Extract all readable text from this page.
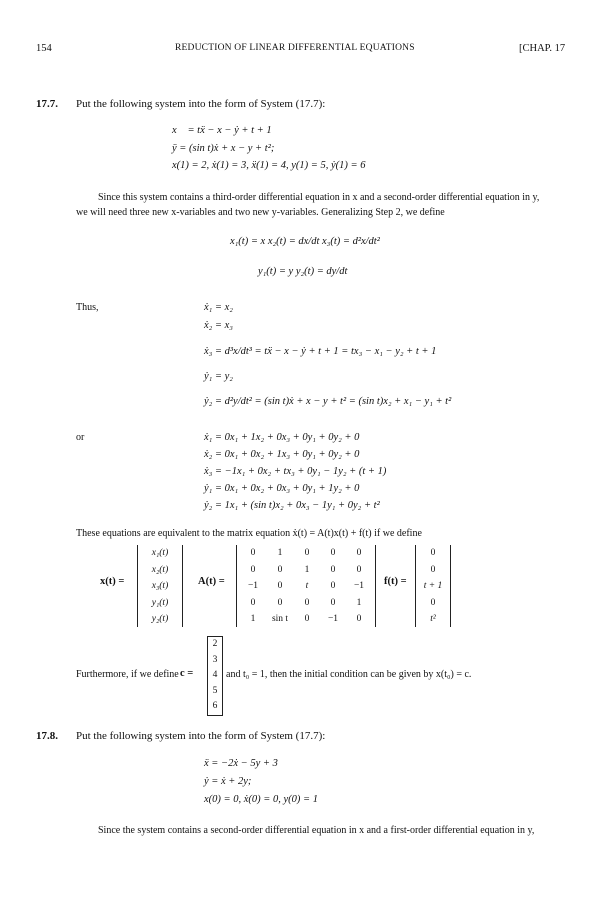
154	REDUCTION OF LINEAR DIFFERENTIAL EQUATIONS	[CHAP. 17
17.7. Put the following system into the form of System (17.7):
x⃛ = tẍ − x − ẏ + t + 1
ÿ = (sin t)ẋ + x − y + t²;
x(1) = 2, ẋ(1) = 3, ẍ(1) = 4, y(1) = 5, ẏ(1) = 6
Since this system contains a third-order differential equation in x and a second-order differential equation in y,
we will need three new x-variables and two new y-variables. Generalizing Step 2, we define
x₁(t) = x x₂(t) = dx/dt x₃(t) = d²x/dt²
y₁(t) = y y₂(t) = dy/dt
Thus,	ẋ₁ = x₂
ẋ₂ = x₃
ẋ₃ = d³x/dt³ = tẍ − x − ẏ + t + 1 = tx₃ − x₁ − y₂ + t + 1
ẏ₁ = y₂
ẏ₂ = d²y/dt² = (sin t)ẋ + x − y + t² = (sin t)x₂ + x₁ − y₁ + t²
or	ẋ₁ = 0x₁ + 1x₂ + 0x₃ + 0y₁ + 0y₂ + 0
ẋ₂ = 0x₁ + 0x₂ + 1x₃ + 0y₁ + 0y₂ + 0
ẋ₃ = −1x₁ + 0x₂ + tx₃ + 0y₁ − 1y₂ + (t + 1)
ẏ₁ = 0x₁ + 0x₂ + 0x₃ + 0y₁ + 1y₂ + 0
ẏ₂ = 1x₁ + (sin t)x₂ + 0x₃ − 1y₁ + 0y₂ + t²
These equations are equivalent to the matrix equation ẋ(t) = A(t)x(t) + f(t) if we define
x(t) =
x₁(t)
x₂(t)
x₃(t)
y₁(t)
y₂(t)
A(t) =
0 1 0 0 0
0 0 1 0 0
−1 0 t 0 −1
0 0 0 0 1
1 sin t 0 −1 0
f(t) =
0
0
t + 1
0
t²
Furthermore, if we define c =
2
3
4
5
6
and t₀ = 1, then the initial condition can be given by x(t₀) = c.
17.8. Put the following system into the form of System (17.7):
ẍ = −2ẋ − 5y + 3
ẏ = ẋ + 2y;
x(0) = 0, ẋ(0) = 0, y(0) = 1
Since the system contains a second-order differential equation in x and a first-order differential equation in y,
